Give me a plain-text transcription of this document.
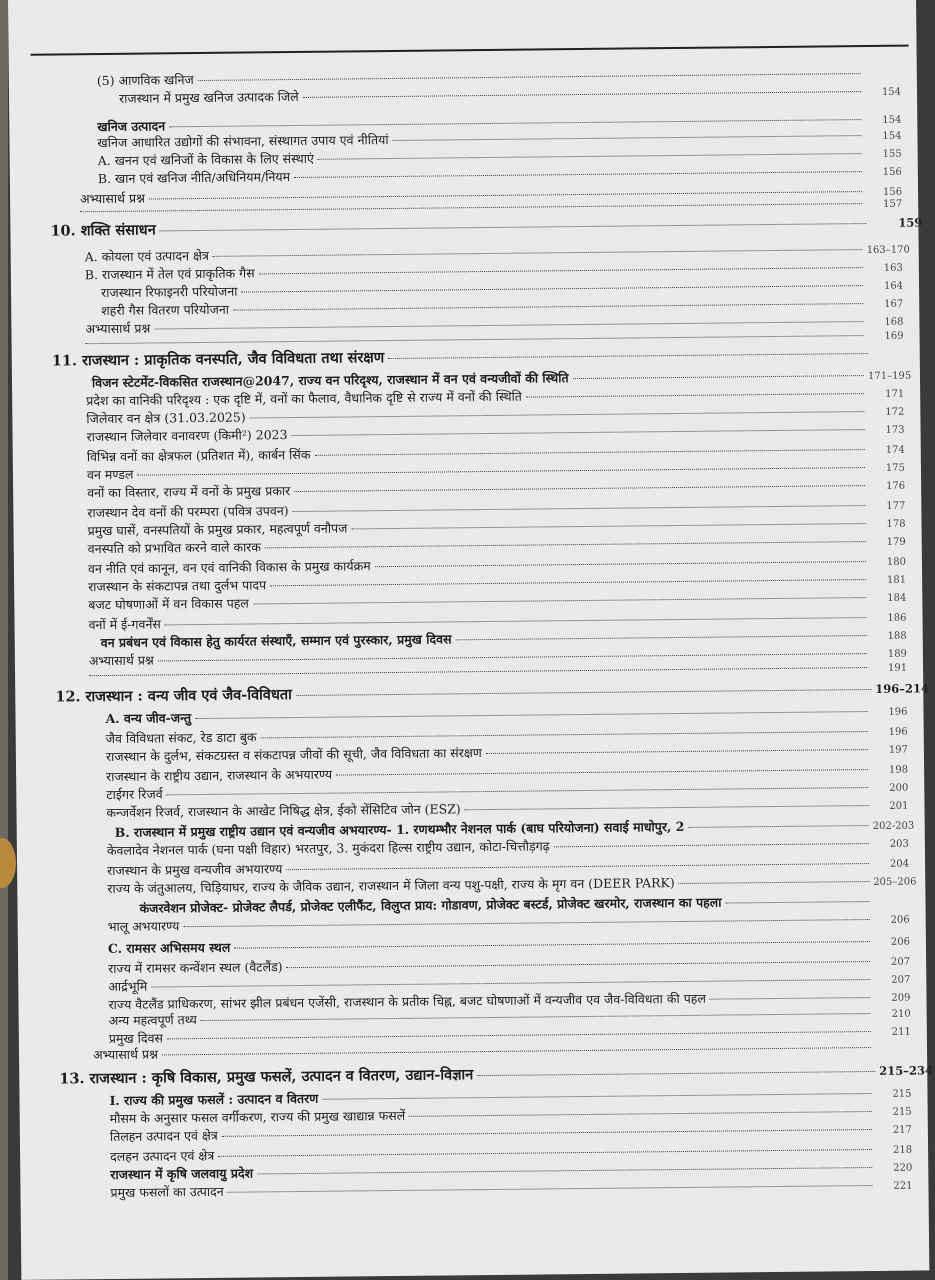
(5) आणविक खनिज
राजस्थान में प्रमुख खनिज उत्पादक जिले	154
खनिज उत्पादन	154
खनिज आधारित उद्योगों की संभावना, संस्थागत उपाय एवं नीतियां	154
A. खनन एवं खनिजों के विकास के लिए संस्थाएं	155
B. खान एवं खनिज नीति/अधिनियम/नियम	156
अभ्यासार्थ प्रश्न	156
157
10. शक्ति संसाधन	159
A. कोयला एवं उत्पादन क्षेत्र	163–170
B. राजस्थान में तेल एवं प्राकृतिक गैस	163
राजस्थान रिफाइनरी परियोजना	164
शहरी गैस वितरण परियोजना	167
अभ्यासार्थ प्रश्न	168
169
11. राजस्थान : प्राकृतिक वनस्पति, जैव विविधता तथा संरक्षण
विजन स्टेटमेंट-विकसित राजस्थान@2047, राज्य वन परिदृश्य, राजस्थान में वन एवं वन्यजीवों की स्थिति	171–195
प्रदेश का वानिकी परिदृश्य : एक दृष्टि में, वनों का फैलाव, वैधानिक दृष्टि से राज्य में वनों की स्थिति	171
जिलेवार वन क्षेत्र (31.03.2025)	172
राजस्थान जिलेवार वनावरण (किमी²) 2023	173
विभिन्न वनों का क्षेत्रफल (प्रतिशत में), कार्बन सिंक	174
वन मण्डल	175
वनों का विस्तार, राज्य में वनों के प्रमुख प्रकार	176
राजस्थान देव वनों की परम्परा (पवित्र उपवन)	177
प्रमुख घासें, वनस्पतियों के प्रमुख प्रकार, महत्वपूर्ण वनौपज	178
वनस्पति को प्रभावित करने वाले कारक	179
वन नीति एवं कानून, वन एवं वानिकी विकास के प्रमुख कार्यक्रम	180
राजस्थान के संकटापन्न तथा दुर्लभ पादप	181
बजट घोषणाओं में वन विकास पहल	184
वनों में ई-गवर्नेंस	186
वन प्रबंधन एवं विकास हेतु कार्यरत संस्थाएँ, सम्मान एवं पुरस्कार, प्रमुख दिवस	188
अभ्यासार्थ प्रश्न	189
191
12. राजस्थान : वन्य जीव एवं जैव-विविधता	196–214
A. वन्य जीव-जन्तु	196
जैव विविधता संकट, रेड डाटा बुक	196
राजस्थान के दुर्लभ, संकटग्रस्त व संकटापन्न जीवों की सूची, जैव विविधता का संरक्षण	197
राजस्थान के राष्ट्रीय उद्यान, राजस्थान के अभयारण्य	198
टाईगर रिजर्व	200
कन्जर्वेशन रिजर्व, राजस्थान के आखेट निषिद्ध क्षेत्र, ईको सेंसिटिव जोन (ESZ)	201
B. राजस्थान में प्रमुख राष्ट्रीय उद्यान एवं वन्यजीव अभयारण्य- 1. रणथम्भौर नेशनल पार्क (बाघ परियोजना) सवाई माधोपुर, 2	202-203
केवलादेव नेशनल पार्क (घना पक्षी विहार) भरतपुर, 3. मुकंदरा हिल्स राष्ट्रीय उद्यान, कोटा-चित्तौड़गढ़	203
राजस्थान के प्रमुख वन्यजीव अभयारण्य	204
राज्य के जंतुआलय, चिड़ियाघर, राज्य के जैविक उद्यान, राजस्थान में जिला वन्य पशु-पक्षी, राज्य के मृग वन (DEER PARK)	205–206
कंजरवेशन प्रोजेक्ट- प्रोजेक्ट लैपर्ड, प्रोजेक्ट एलीफैंट, विलुप्त प्राय: गोडावण, प्रोजेक्ट बस्टर्ड, प्रोजेक्ट खरमोर, राजस्थान का पहला
भालू अभयारण्य	206
C. रामसर अभिसमय स्थल	206
राज्य में रामसर कन्वेंशन स्थल (वैटलैंड)	207
आर्द्रभूमि	207
राज्य वैटलैंड प्राधिकरण, सांभर झील प्रबंधन एजेंसी, राजस्थान के प्रतीक चिह्न, बजट घोषणाओं में वन्यजीव एव जैव-विविधता की पहल	209
अन्य महत्वपूर्ण तथ्य	210
प्रमुख दिवस	211
अभ्यासार्थ प्रश्न
13. राजस्थान : कृषि विकास, प्रमुख फसलें, उत्पादन व वितरण, उद्यान-विज्ञान	215–234
I. राज्य की प्रमुख फसलें : उत्पादन व वितरण	215
मौसम के अनुसार फसल वर्गीकरण, राज्य की प्रमुख खाद्यान्न फसलें	215
तिलहन उत्पादन एवं क्षेत्र	217
दलहन उत्पादन एवं क्षेत्र	218
राजस्थान में कृषि जलवायु प्रदेश	220
प्रमुख फसलों का उत्पादन	221
